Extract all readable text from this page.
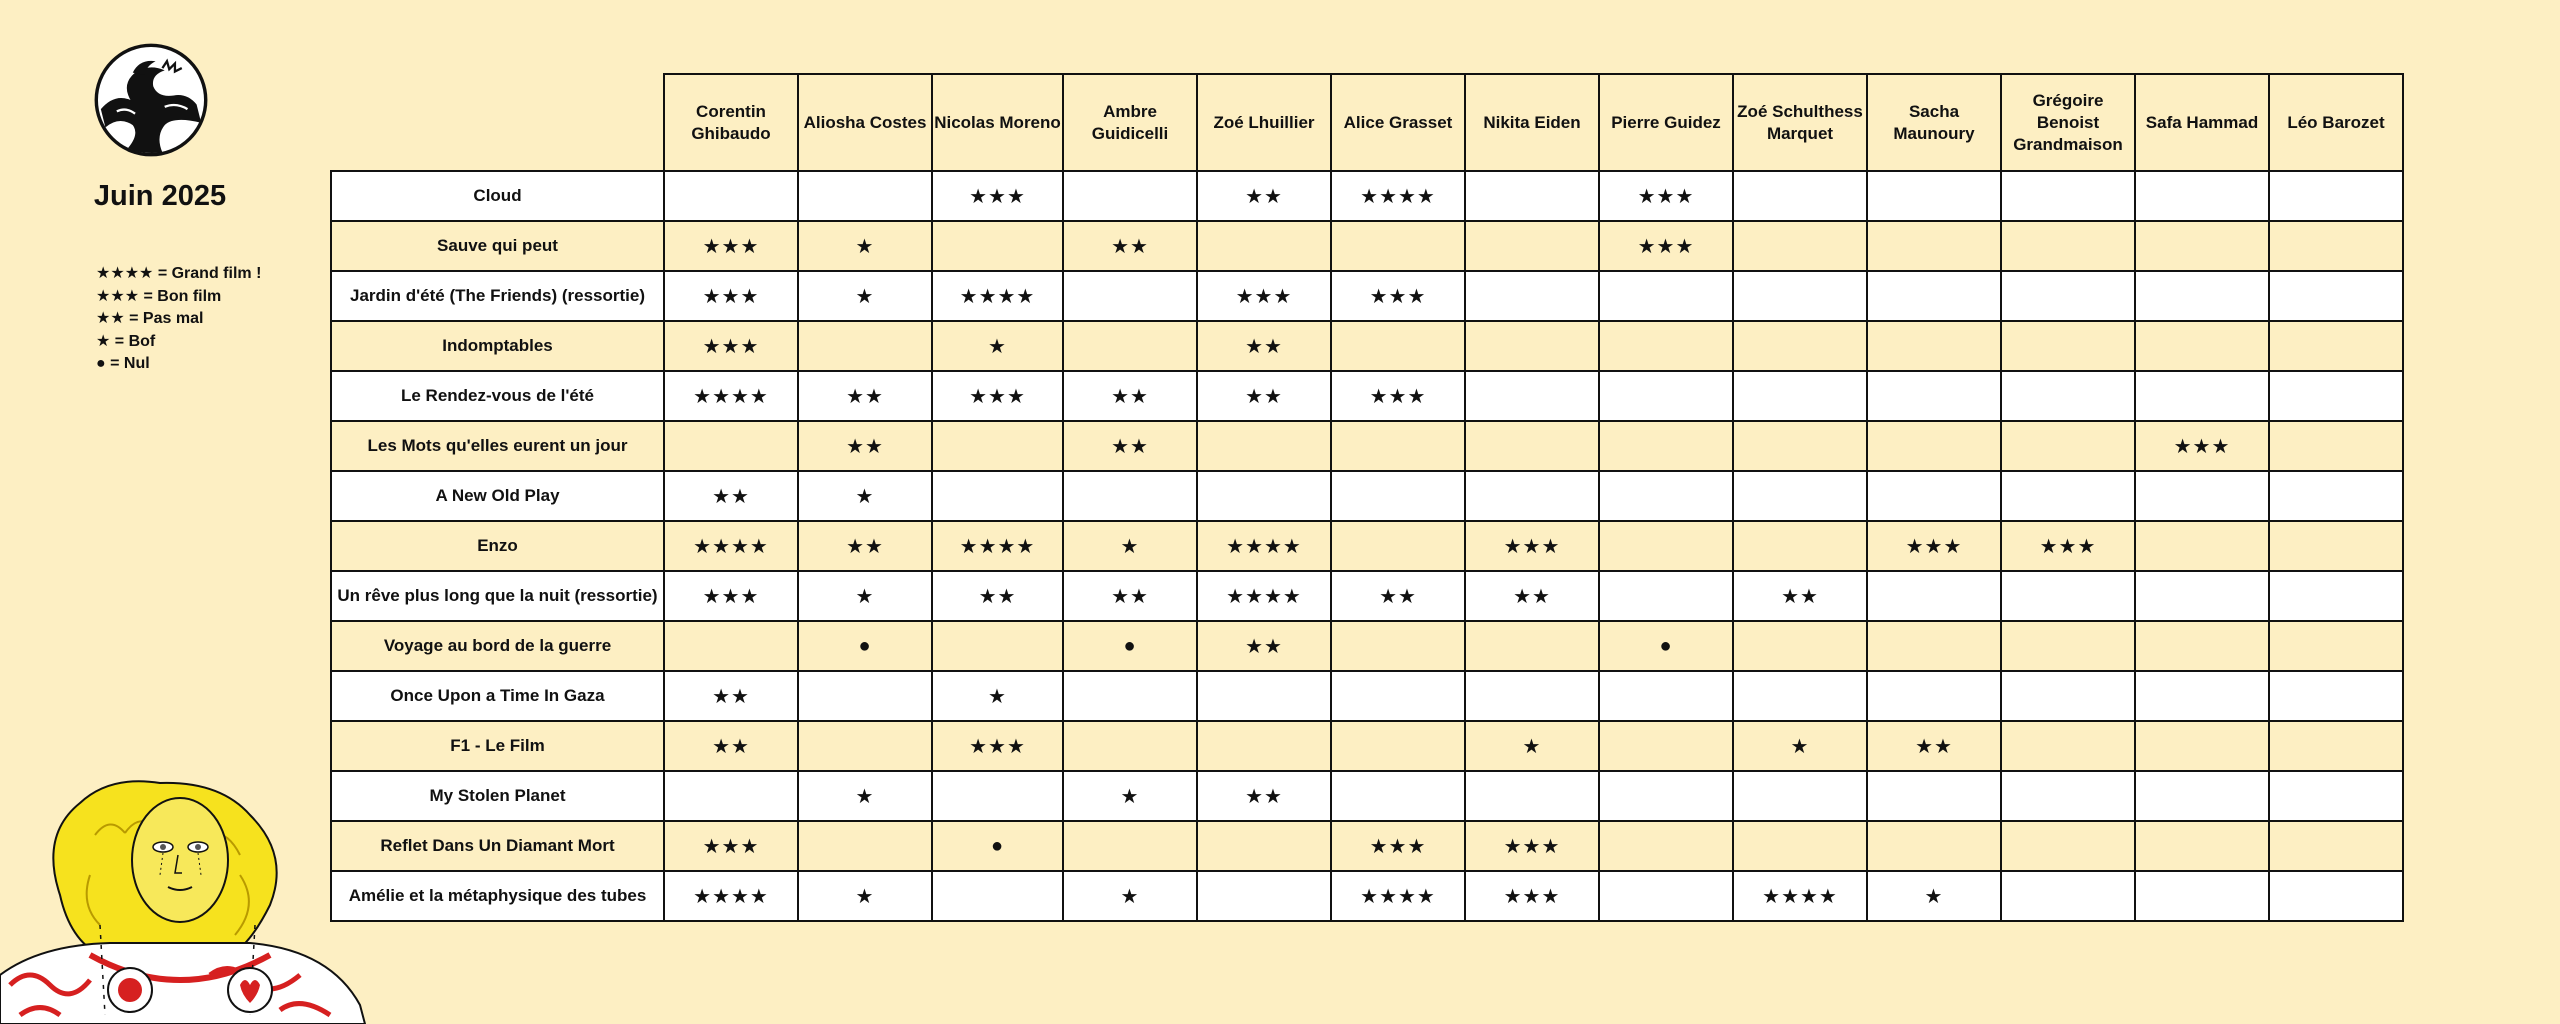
Juin 2025
★★★★ = Grand film !
★★★ = Bon film
★★ = Pas mal
★ = Bof
● = Nul
	Corentin Ghibaudo	Aliosha Costes	Nicolas Moreno	Ambre Guidicelli	Zoé Lhuillier	Alice Grasset	Nikita Eiden	Pierre Guidez	Zoé Schulthess Marquet	Sacha Maunoury	Grégoire Benoist Grandmaison	Safa Hammad	Léo Barozet
Cloud			★★★		★★	★★★★		★★★					
Sauve qui peut	★★★	★		★★				★★★					
Jardin d'été (The Friends) (ressortie)	★★★	★	★★★★		★★★	★★★							
Indomptables	★★★		★		★★								
Le Rendez-vous de l'été	★★★★	★★	★★★	★★	★★	★★★							
Les Mots qu'elles eurent un jour		★★		★★								★★★	
A New Old Play	★★	★											
Enzo	★★★★	★★	★★★★	★	★★★★		★★★			★★★	★★★		
Un rêve plus long que la nuit (ressortie)	★★★	★	★★	★★	★★★★	★★	★★		★★				
Voyage au bord de la guerre		●		●	★★			●					
Once Upon a Time In Gaza	★★		★										
F1 - Le Film	★★		★★★				★		★	★★			
My Stolen Planet		★		★	★★								
Reflet Dans Un Diamant Mort	★★★		●			★★★	★★★						
Amélie et la métaphysique des tubes	★★★★	★		★		★★★★	★★★		★★★★	★			
